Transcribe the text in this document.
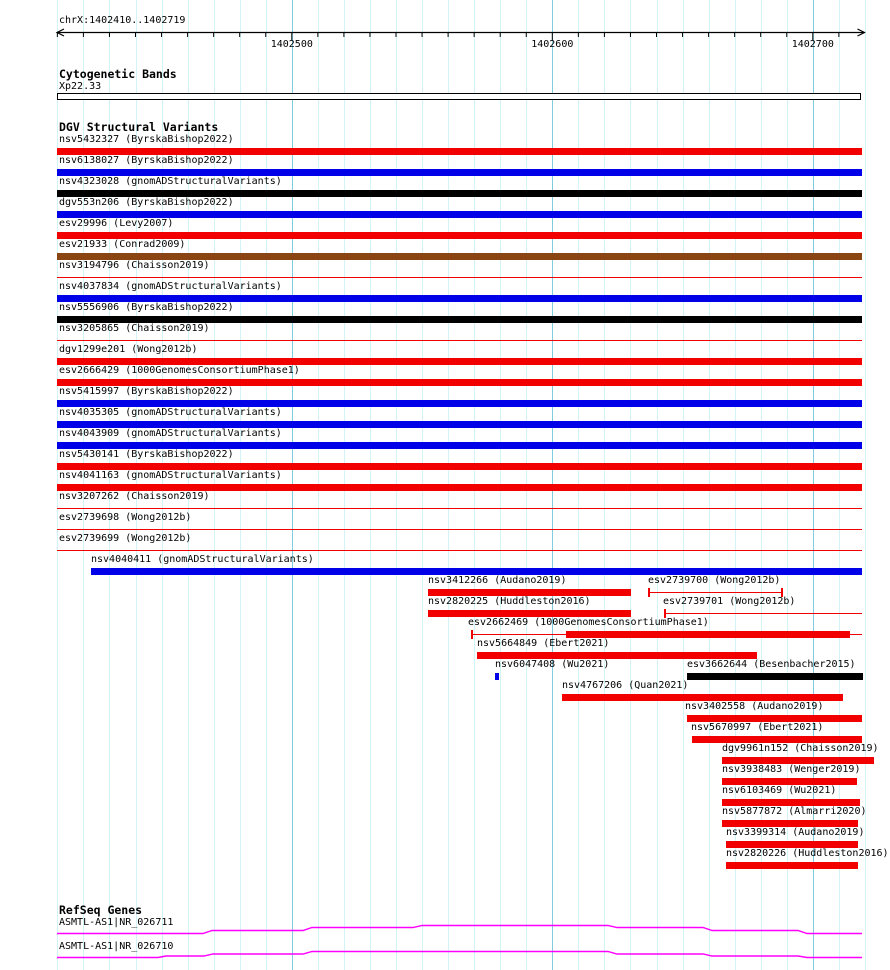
chrX:1402410..1402719
Cytogenetic Bands
Xp22.33
DGV Structural Variants
RefSeq Genes
1402500	1402600	1402700
nsv5432327 (ByrskaBishop2022)
nsv6138027 (ByrskaBishop2022)
nsv4323028 (gnomADStructuralVariants)
dgv553n206 (ByrskaBishop2022)
esv29996 (Levy2007)
esv21933 (Conrad2009)
nsv3194796 (Chaisson2019)
nsv4037834 (gnomADStructuralVariants)
nsv5556906 (ByrskaBishop2022)
nsv3205865 (Chaisson2019)
dgv1299e201 (Wong2012b)
esv2666429 (1000GenomesConsortiumPhase1)
nsv5415997 (ByrskaBishop2022)
nsv4035305 (gnomADStructuralVariants)
nsv4043909 (gnomADStructuralVariants)
nsv5430141 (ByrskaBishop2022)
nsv4041163 (gnomADStructuralVariants)
nsv3207262 (Chaisson2019)
esv2739698 (Wong2012b)
esv2739699 (Wong2012b)
nsv4040411 (gnomADStructuralVariants)
nsv3412266 (Audano2019)	esv2739700 (Wong2012b)
nsv2820225 (Huddleston2016)	esv2739701 (Wong2012b)
esv2662469 (1000GenomesConsortiumPhase1)
nsv5664849 (Ebert2021)
nsv6047408 (Wu2021)	esv3662644 (Besenbacher2015)
nsv4767206 (Quan2021)
nsv3402558 (Audano2019)
nsv5670997 (Ebert2021)
dgv9961n152 (Chaisson2019)
nsv3938483 (Wenger2019)
nsv6103469 (Wu2021)
nsv5877872 (Almarri2020)
nsv3399314 (Audano2019)
nsv2820226 (Huddleston2016)
ASMTL-AS1|NR_026711
ASMTL-AS1|NR_026710
